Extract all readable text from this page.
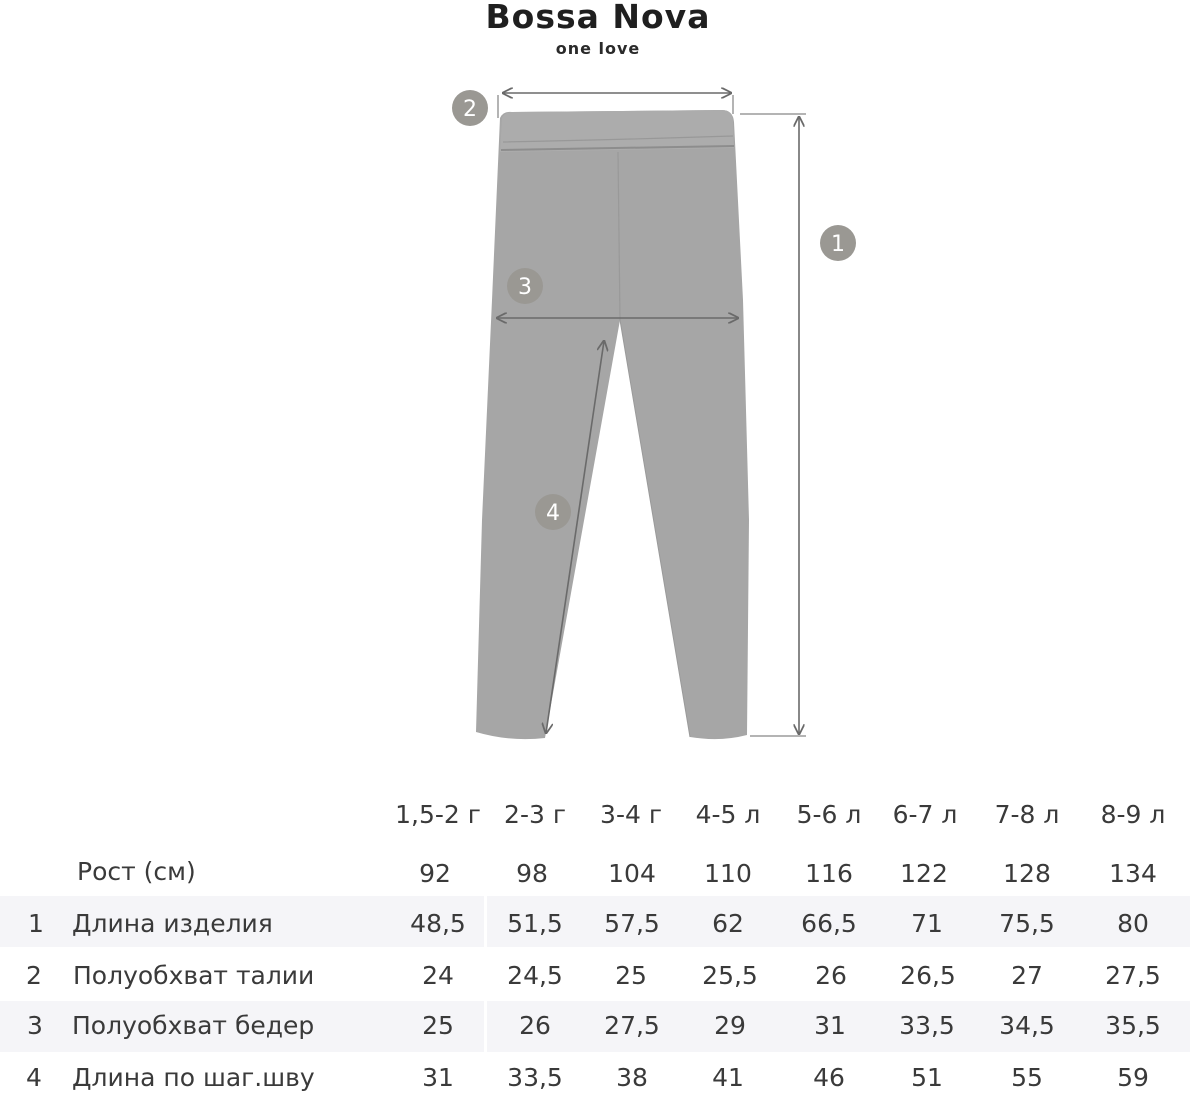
Bossa Nova
one love
2
1
3
4
1,5-2 г 2-3 г 3-4 г 4-5 л 5-6 л 6-7 л 7-8 л 8-9 л
Рост (см)	92	98 104 110 116 122 128 134
1 Длина изделия	48,5 51,5 57,5 62 66,5 71 75,5 80
2 Полуобхват талии	24 24,5 25 25,5 26 26,5 27 27,5
3 Полуобхват бедер	25	26 27,5 29	31 33,5 34,5 35,5
4 Длина по шаг.шву	31 33,5 38	41	46	51	55	59
